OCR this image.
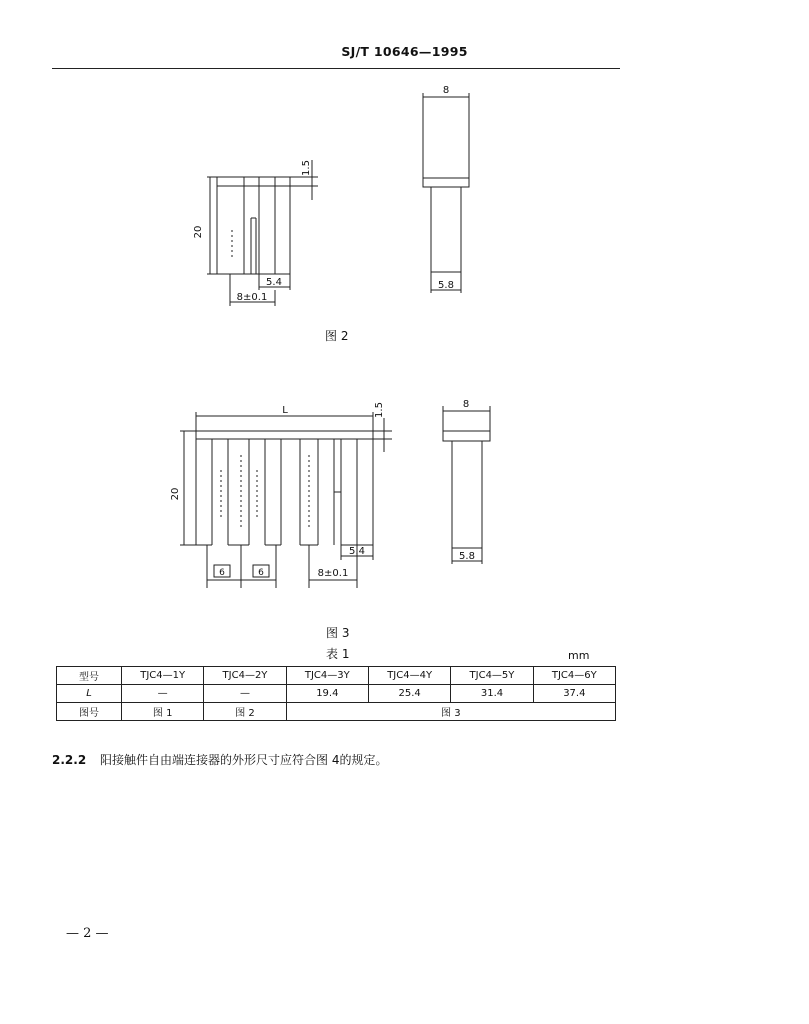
SJ/T 10646—1995
1.5
20
5.4
8±0.1
8
5.8
图 2
L	1.5
20
5.4
6	6	8±0.1
8
5.8
图 3
表 1	mm
型号	TJC4—1Y	TJC4—2Y	TJC4—3Y	TJC4—4Y	TJC4—5Y	TJC4—6Y
L	—	—	19.4	25.4	31.4	37.4
图号	图 1	图 2	图 3			
2.2.2 阳接触件自由端连接器的外形尺寸应符合图 4的规定。
— 2 —
